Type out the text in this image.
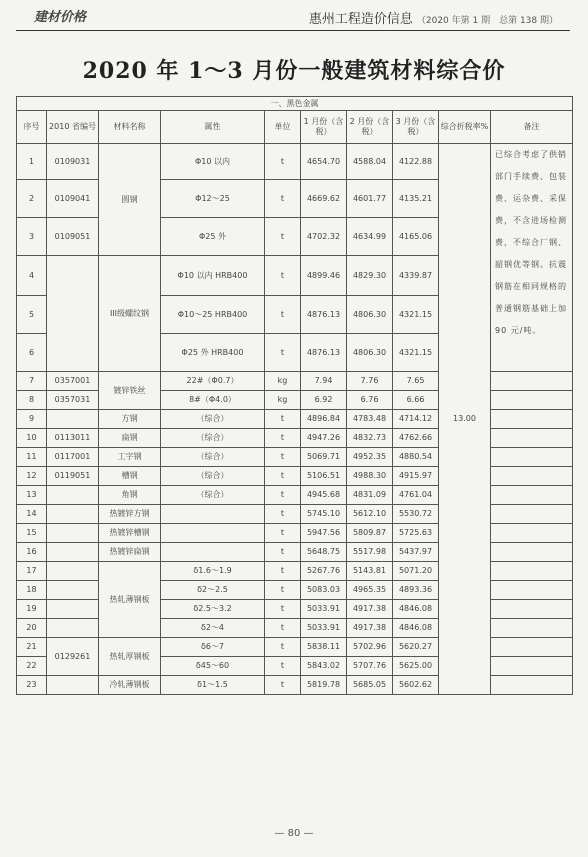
建材价格	惠州工程造价信息 （2020 年第 1 期　总第 138 期）
2020 年 1～3 月份一般建筑材料综合价
一、黑色金属									
序号	2010 省编号	材料名称	属性	单位	1 月份（含税）	2 月份（含税）	3 月份（含税）	综合折税率%	备注
1	0109031	圆钢	Φ10 以内	t	4654.70	4588.04	4122.88	13.00	已综合考虑了供销部门手续费、包装费、运杂费、采保费，不含进场检测费，不综合厂钢、韶钢优等钢。抗震钢筋在相同规格的普通钢筋基础上加 90 元/吨。
2	0109041		Φ12～25	t	4669.62	4601.77	4135.21		
3	0109051		Φ25 外	t	4702.32	4634.99	4165.06		
4		III级螺纹钢	Φ10 以内 HRB400	t	4899.46	4829.30	4339.87		
5			Φ10～25 HRB400	t	4876.13	4806.30	4321.15		
6			Φ25 外 HRB400	t	4876.13	4806.30	4321.15		
7	0357001	镀锌铁丝	22#（Φ0.7）	kg	7.94	7.76	7.65		
8	0357031		8#（Φ4.0）	kg	6.92	6.76	6.66		
9		方钢	（综合）	t	4896.84	4783.48	4714.12		
10	0113011	扁钢	（综合）	t	4947.26	4832.73	4762.66		
11	0117001	工字钢	（综合）	t	5069.71	4952.35	4880.54		
12	0119051	槽钢	（综合）	t	5106.51	4988.30	4915.97		
13		角钢	（综合）	t	4945.68	4831.09	4761.04		
14		热镀锌方钢		t	5745.10	5612.10	5530.72		
15		热镀锌槽钢		t	5947.56	5809.87	5725.63		
16		热镀锌扁钢		t	5648.75	5517.98	5437.97		
17		热轧薄钢板	δ1.6～1.9	t	5267.76	5143.81	5071.20		
18			δ2～2.5	t	5083.03	4965.35	4893.36		
19			δ2.5～3.2	t	5033.91	4917.38	4846.08		
20			δ2～4	t	5033.91	4917.38	4846.08		
21	0129261	热轧厚钢板	δ6～7	t	5838.11	5702.96	5620.27		
22			δ45～60	t	5843.02	5707.76	5625.00		
23		冷轧薄钢板	δ1～1.5	t	5819.78	5685.05	5602.62		
— 80 —
